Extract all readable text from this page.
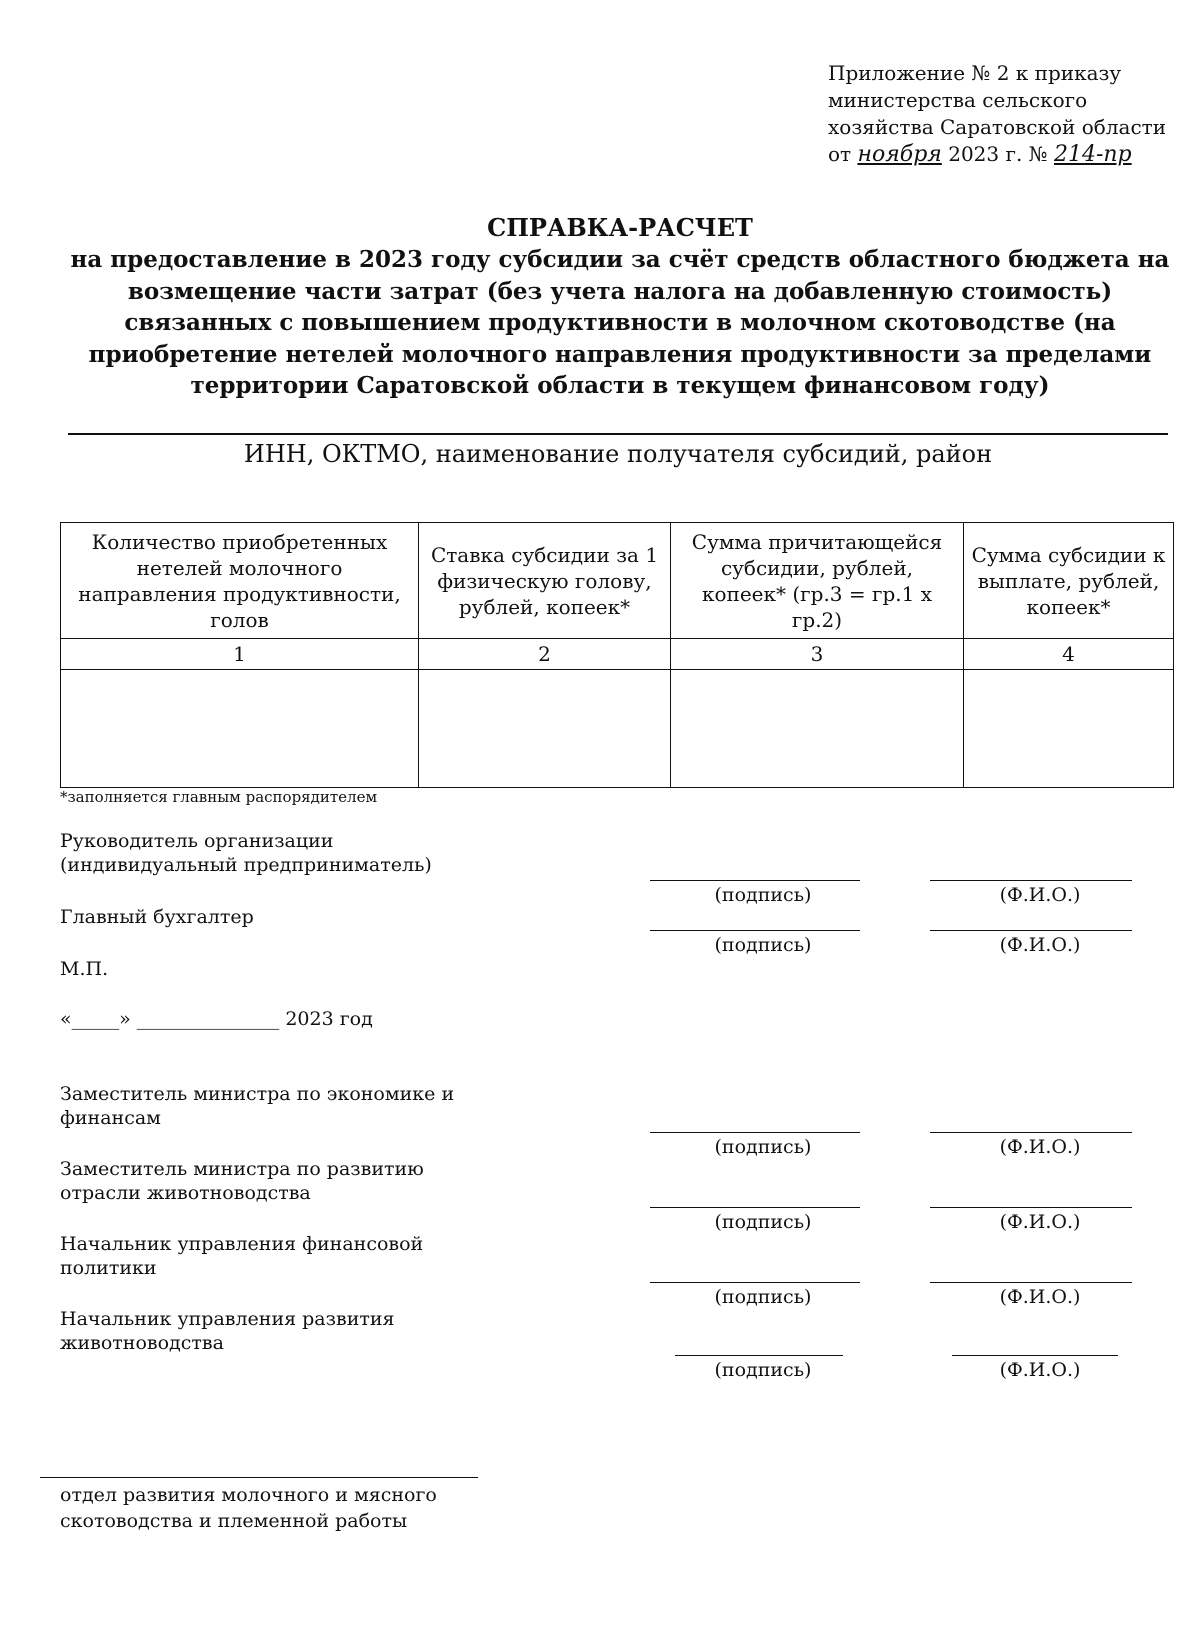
Приложение № 2 к приказу
министерства сельского
хозяйства Саратовской области
от ноября 2023 г. № 214-пр
СПРАВКА-РАСЧЕТ
на предоставление в 2023 году субсидии за счёт средств областного бюджета на возмещение части затрат (без учета налога на добавленную стоимость) связанных с повышением продуктивности в молочном скотоводстве (на приобретение нетелей молочного направления продуктивности за пределами территории Саратовской области в текущем финансовом году)
ИНН, ОКТМО, наименование получателя субсидий, район
Количество приобретенных нетелей молочного направления продуктивности, голов	Ставка субсидии за 1 физическую голову, рублей, копеек*	Сумма причитающейся субсидии, рублей, копеек* (гр.3 = гр.1 х гр.2)	Сумма субсидии к выплате, рублей, копеек*
1	2	3	4

*заполняется главным распорядителем
Руководитель организации
(индивидуальный предприниматель)
(подпись)	(Ф.И.О.)
Главный бухгалтер
(подпись)	(Ф.И.О.)
М.П.
«_____» _______________ 2023 год
Заместитель министра по экономике и
финансам
(подпись)	(Ф.И.О.)
Заместитель министра по развитию
отрасли животноводства
(подпись)	(Ф.И.О.)
Начальник управления финансовой
политики
(подпись)	(Ф.И.О.)
Начальник управления развития
животноводства
(подпись)	(Ф.И.О.)
отдел развития молочного и мясного
скотоводства и племенной работы
